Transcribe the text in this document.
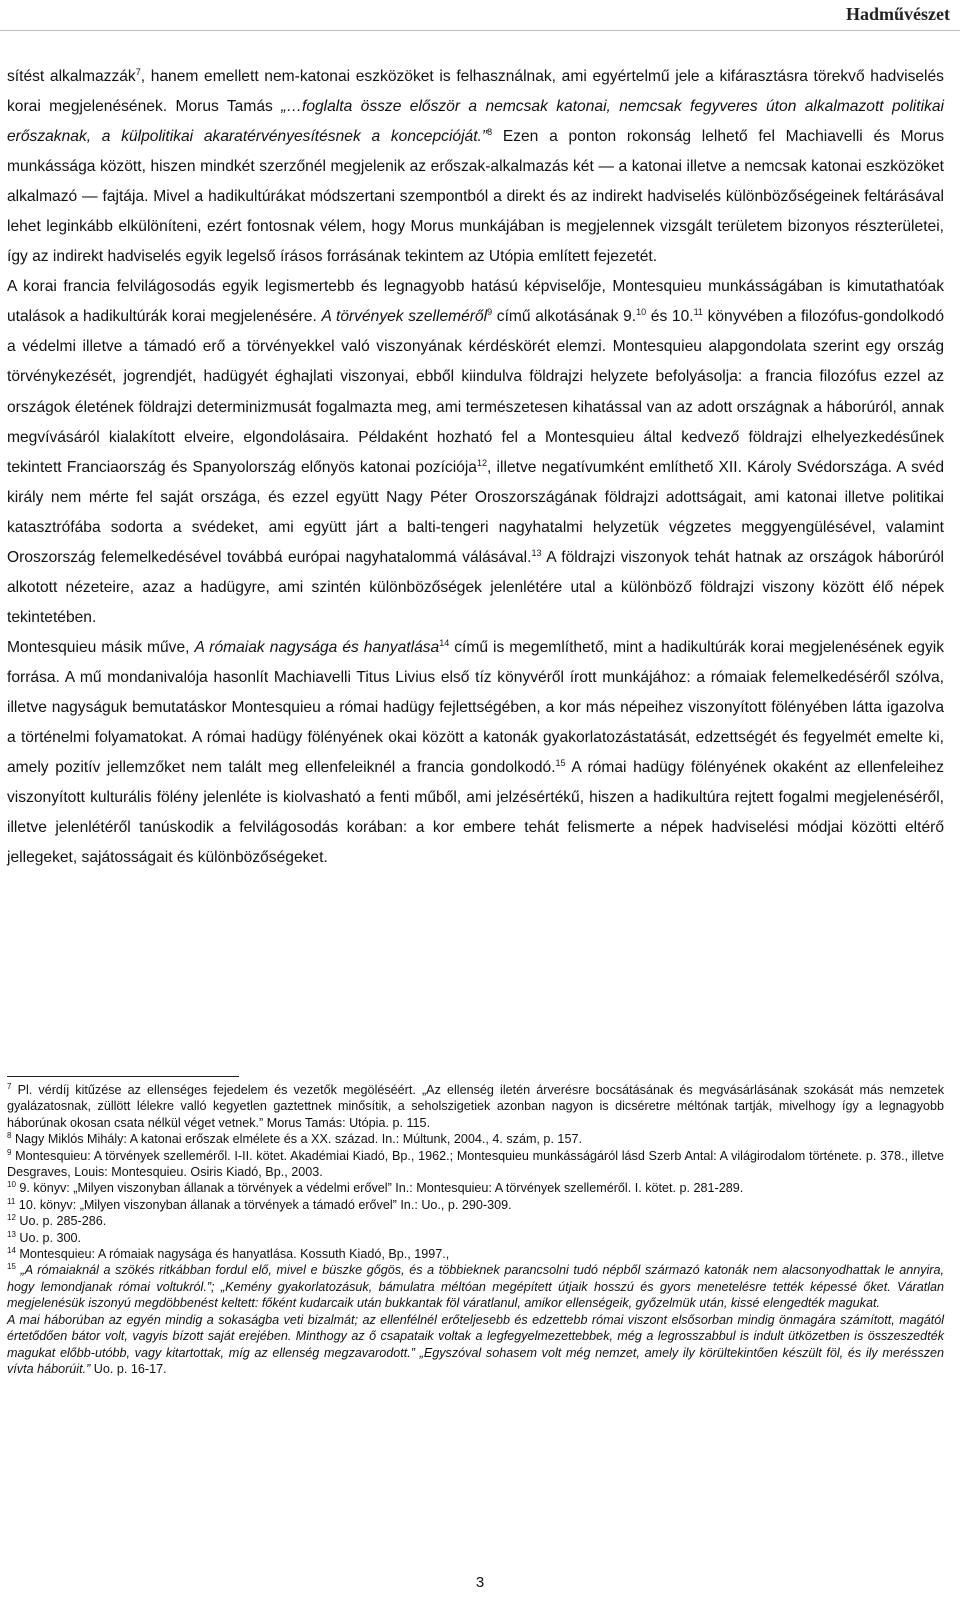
Hadművészet

sítést alkalmazzák$^7$, hanem emellett nem-katonai eszközöket is felhasználnak, ami egyértelmű jele a kifárasztásra törekvő hadviselés korai megjelenésének. Morus Tamás „…foglalta össze először a nemcsak katonai, nemcsak fegyveres úton alkalmazott politikai erőszaknak, a külpolitikai akaratérvényesítésnek a koncepcióját.”$^8$ Ezen a ponton rokonság lelhető fel Machiavelli és Morus munkássága között, hiszen mindkét szerzőnél megjelenik az erőszak-alkalmazás két — a katonai illetve a nemcsak katonai eszközöket alkalmazó — fajtája. Mivel a hadikultúrákat módszertani szempontból a direkt és az indirekt hadviselés különbözőségeinek feltárásával lehet leginkább elkülöníteni, ezért fontosnak vélem, hogy Morus munkájában is megjelennek vizsgált területem bizonyos részterületei, így az indirekt hadviselés egyik legelső írásos forrásának tekintem az Utópia említett fejezetét.

A korai francia felvilágosodás egyik legismertebb és legnagyobb hatású képviselője, Montesquieu munkásságában is kimutathatóak utalások a hadikultúrák korai megjelenésére. A törvények szelleméről$^9$ című alkotásának 9.10 és 10.11 könyvében a filozófus-gondolkodó a védelmi illetve a támadó erő a törvényekkel való viszonyának kérdéskörét elemzi. Montesquieu alapgondolata szerint egy ország törvénykezését, jogrendjét, hadügyét éghajlati viszonyai, ebből kiindulva földrajzi helyzete befolyásolja: a francia filozófus ezzel az országok életének földrajzi determinizmusát fogalmazta meg, ami természetesen kihatással van az adott országnak a háborúról, annak megvívásáról kialakított elveire, elgondolásaira. Példaként hozható fel a Montesquieu által kedvező földrajzi elhelyezkedésűnek tekintett Franciaország és Spanyolország előnyös katonai pozíciója$^{12}$, illetve negatívumként említhető XII. Károly Svédországa. A svéd király nem mérte fel saját országa, és ezzel együtt Nagy Péter Oroszországának földrajzi adottságait, ami katonai illetve politikai katasztrófába sodorta a svédeket, ami együtt járt a balti-tengeri nagyhatalmi helyzetük végzetes meggyengülésével, valamint Oroszország felemelkedésével továbbá európai nagyhatalommá válásával.$^{13}$ A földrajzi viszonyok tehát hatnak az országok háborúról alkotott nézeteire, azaz a hadügyre, ami szintén különbözőségek jelenlétére utal a különböző földrajzi viszony között élő népek tekintetében.

Montesquieu másik műve, A rómaiak nagysága és hanyatlása$^{14}$ című is megemlíthető, mint a hadikultúrák korai megjelenésének egyik forrása. A mű mondanivalója hasonlít Machiavelli Titus Livius első tíz könyvéről írott munkájához: a rómaiak felemelkedéséről szólva, illetve nagyságuk bemutatáskor Montesquieu a római hadügy fejlettségében, a kor más népeihez viszonyított fölényében látta igazolva a történelmi folyamatokat. A római hadügy fölényének okai között a katonák gyakorlatozástatását, edzettségét és fegyelmét emelte ki, amely pozitív jellemzőket nem talált meg ellenfeleiknél a francia gondolkodó.$^{15}$ A római hadügy fölényének okaként az ellenfeleihez viszonyított kulturális fölény jelenléte is kiolvasható a fenti műből, ami jelzésértékű, hiszen a hadikultúra rejtett fogalmi megjelenéséről, illetve jelenlétéről tanúskodik a felvilágosodás korában: a kor embere tehát felismerte a népek hadviselési módjai közötti eltérő jellegeket, sajátosságait és különbözőségeket.

$^7$ Pl. vérdíj kitűzése az ellenséges fejedelem és vezetők megöléséért. „Az ellenség iletén árverésre bocsátásának és megvásárlásának szokását más nemzetek gyalázatosnak, züllött lélekre valló kegyetlen gaztettnek minősítik, a seholszigetiek azonban nagyon is dicséretre méltónak tartják, mivelhogy így a legnagyobb háborúnak okosan csata nélkül véget vetnek.” Morus Tamás: Utópia. p. 115.

$^8$ Nagy Miklós Mihály: A katonai erőszak elmélete és a XX. század. In.: Múltunk, 2004., 4. szám, p. 157.

$^9$ Montesquieu: A törvények szelleméről. I-II. kötet. Akadémiai Kiadó, Bp., 1962.; Montesquieu munkásságáról lásd Szerb Antal: A világirodalom története. p. 378., illetve Desgraves, Louis: Montesquieu. Osiris Kiadó, Bp., 2003.

$^{10}$ 9. könyv: „Milyen viszonyban állanak a törvények a védelmi erővel” In.: Montesquieu: A törvények szelleméről. I. kötet. p. 281-289.

$^{11}$ 10. könyv: „Milyen viszonyban állanak a törvények a támadó erővel” In.: Uo., p. 290-309.

$^{12}$ Uo. p. 285-286.

$^{13}$ Uo. p. 300.

$^{14}$ Montesquieu: A rómaiak nagysága és hanyatlása. Kossuth Kiadó, Bp., 1997.,

$^{15}$ „A rómaiaknál a szökés ritkábban fordul elő, mivel e büszke gőgös, és a többieknek parancsolni tudó népből származó katonák nem alacsonyodhattak le annyira, hogy lemondjanak római voltukról.”; „Kemény gyakorlatozásuk, bámulatra méltóan megépített útjaik hosszú és gyors menetelésre tették képessé őket. Váratlan megjelenésük iszonyú megdöbbenést keltett: főként kudarcaik után bukkantak föl váratlanul, amikor ellenségeik, győzelmük után, kissé elengedték magukat.

A mai háborúban az egyén mindig a sokaságba veti bizalmát; az ellenfélnél erőteljesebb és edzettebb római viszont elsősorban mindig önmagára számított, magától értetődően bátor volt, vagyis bízott saját erejében. Minthogy az ő csapataik voltak a legfegyelmezettebbek, még a legrosszabbul is indult ütközetben is összeszedték magukat előbb-utóbb, vagy kitartottak, míg az ellenség megzavarodott.” „Egyszóval sohasem volt még nemzet, amely ily körültekintően készült föl, és ily merésszen vívta háborúit.” Uo. p. 16-17.

3
